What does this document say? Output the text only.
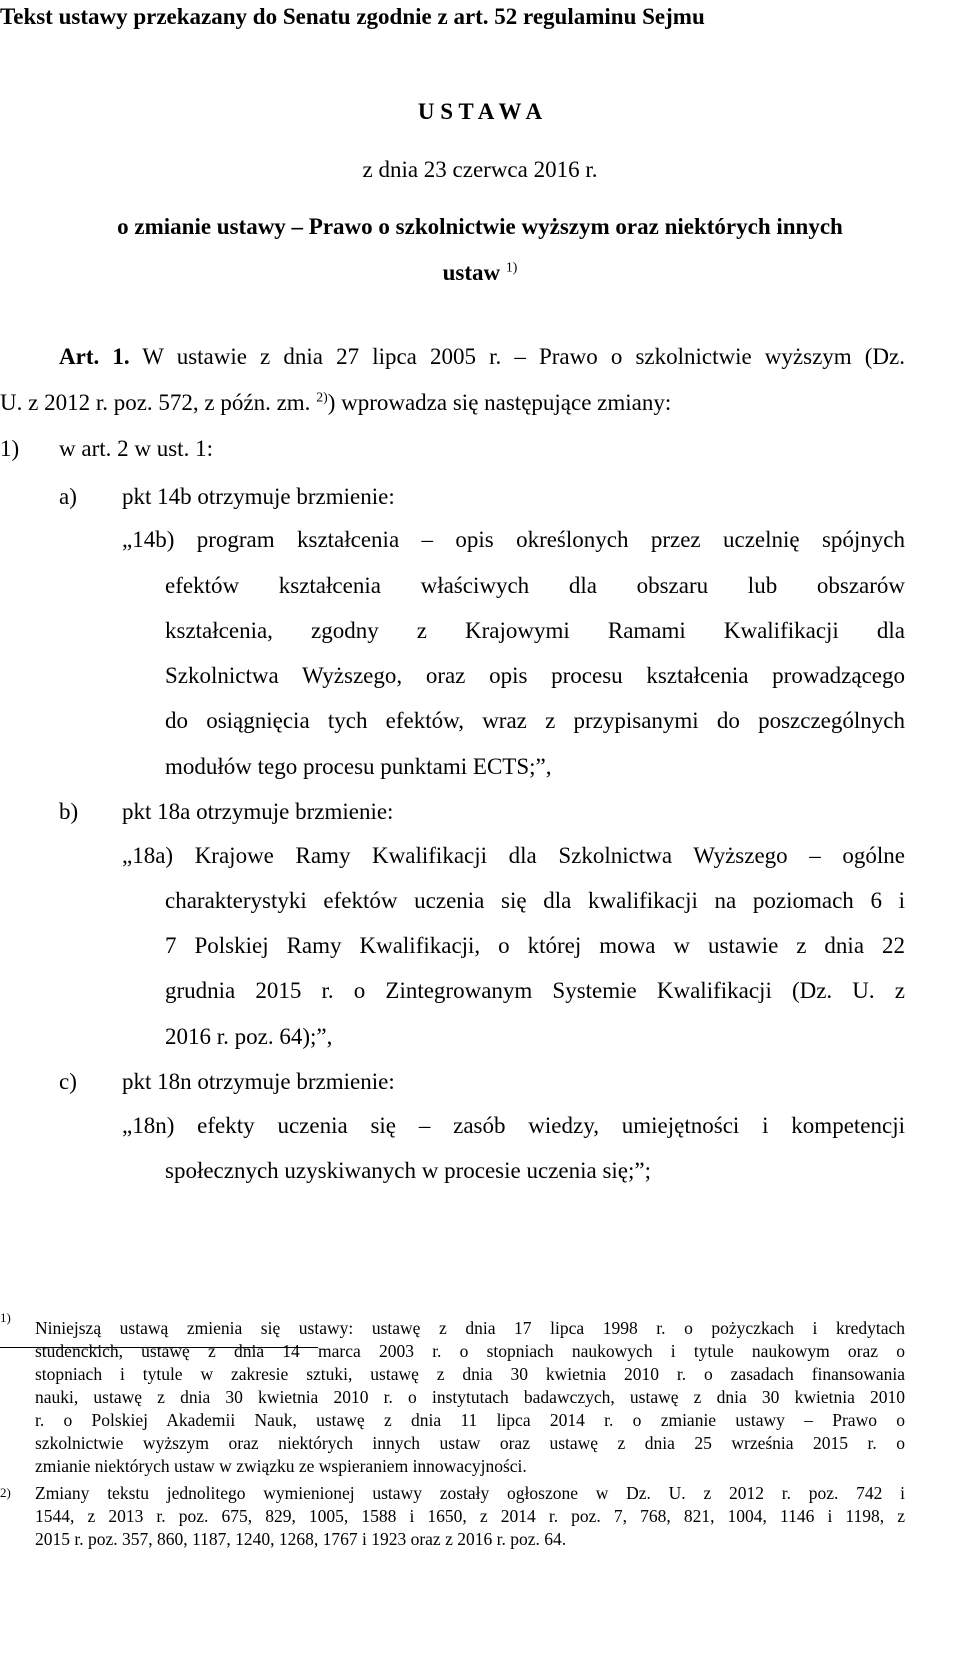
Tekst ustawy przekazany do Senatu zgodnie z art. 52 regulaminu Sejmu
U S T A W A
z dnia 23 czerwca 2016 r.
o zmianie ustawy – Prawo o szkolnictwie wyższym oraz niektórych innych
ustaw $^{1)}$
Art. 1. W ustawie z dnia 27 lipca 2005 r. – Prawo o szkolnictwie wyższym (Dz.
U. z 2012 r. poz. 572, z późn. zm. $^{2)}$) wprowadza się następujące zmiany:
1) w art. 2 w ust. 1:
a) pkt 14b otrzymuje brzmienie:
„14b) program kształcenia – opis określonych przez uczelnię spójnych
efektów kształcenia właściwych dla obszaru lub obszarów
kształcenia, zgodny z Krajowymi Ramami Kwalifikacji dla
Szkolnictwa Wyższego, oraz opis procesu kształcenia prowadzącego
do osiągnięcia tych efektów, wraz z przypisanymi do poszczególnych
modułów tego procesu punktami ECTS;”,
b) pkt 18a otrzymuje brzmienie:
„18a) Krajowe Ramy Kwalifikacji dla Szkolnictwa Wyższego – ogólne
charakterystyki efektów uczenia się dla kwalifikacji na poziomach 6 i
7 Polskiej Ramy Kwalifikacji, o której mowa w ustawie z dnia 22
grudnia 2015 r. o Zintegrowanym Systemie Kwalifikacji (Dz. U. z
2016 r. poz. 64);”,
c) pkt 18n otrzymuje brzmienie:
„18n) efekty uczenia się – zasób wiedzy, umiejętności i kompetencji
społecznych uzyskiwanych w procesie uczenia się;”;
1)
Niniejszą ustawą zmienia się ustawy: ustawę z dnia 17 lipca 1998 r. o pożyczkach i kredytach
studenckich, ustawę z dnia 14 marca 2003 r. o stopniach naukowych i tytule naukowym oraz o
stopniach i tytule w zakresie sztuki, ustawę z dnia 30 kwietnia 2010 r. o zasadach finansowania
nauki, ustawę z dnia 30 kwietnia 2010 r. o instytutach badawczych, ustawę z dnia 30 kwietnia 2010
r. o Polskiej Akademii Nauk, ustawę z dnia 11 lipca 2014 r. o zmianie ustawy – Prawo o
szkolnictwie wyższym oraz niektórych innych ustaw oraz ustawę z dnia 25 września 2015 r. o
zmianie niektórych ustaw w związku ze wspieraniem innowacyjności.
2) Zmiany tekstu jednolitego wymienionej ustawy zostały ogłoszone w Dz. U. z 2012 r. poz. 742 i
1544, z 2013 r. poz. 675, 829, 1005, 1588 i 1650, z 2014 r. poz. 7, 768, 821, 1004, 1146 i 1198, z
2015 r. poz. 357, 860, 1187, 1240, 1268, 1767 i 1923 oraz z 2016 r. poz. 64.
